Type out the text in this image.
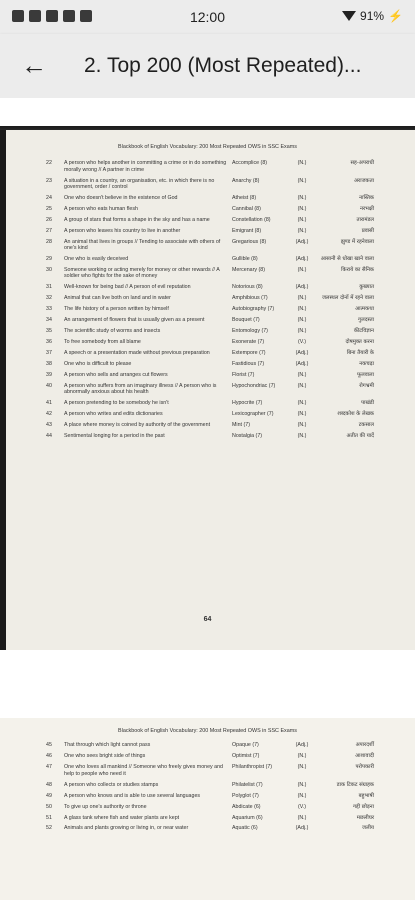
12:00	91% ⚡
← 2. Top 200 (Most Repeated)...
Blackbook of English Vocabulary: 200 Most Repeated OWS in SSC Exams
22	A person who helps another in committing a crime or in do something morally wrong // A partner in crime
Accomplice (8)	(N.)	सह-अपराधी
23	A situation in a country, an organisation, etc. in which there is no government, order / control
Anarchy (8)	(N.)	अराजकता
24	One who doesn't believe in the existence of God	Atheist (8)	(N.)	नास्तिक
25	A person who eats human flesh	Cannibal (8)	(N.)	नरभक्षी
26	A group of stars that forms a shape in the sky and has a name	Constellation (8)	(N.)	तारामंडल
27	A person who leaves his country to live in another	Emigrant (8)	(N.)	प्रवासी
28	An animal that lives in groups // Tending to associate with others of one's kind
Gregarious (8)	(Adj.)	झुण्ड में रहनेवाला
29	One who is easily deceived	Gullible (8)	(Adj.)	आसानी से धोखा खाने वाला
30	Someone working or acting merely for money or other rewards // A soldier who fights for the sake of money
Mercenary (8)	(N.)	किराये का सैनिक
31	Well-known for being bad // A person of evil reputation	Notorious (8)	(Adj.)	कुख्यात
32	Animal that can live both on land and in water	Amphibious (7)	(N.)	जलस्थल दोनों में रहने वाला
33	The life history of a person written by himself	Autobiography (7)	(N.)	आत्मकथा
34	An arrangement of flowers that is usually given as a present	Bouquet (7)	(N.)	गुलदस्ता
35	The scientific study of worms and insects	Entomology (7)	(N.)	कीटविज्ञान
36	To free somebody from all blame	Exonerate (7)	(V.)	दोषमुक्त करना
37	A speech or a presentation made without previous preparation	Extempore (7)	(Adj.)	बिना तैयारी के
38	One who is difficult to please	Fastidious (7)	(Adj.)	नकचढ़ा
39	A person who sells and arranges cut flowers	Florist (7)	(N.)	फूलवाला
40	A person who suffers from an imaginary illness // A person who is abnormally anxious about his health
Hypochondriac (7)	(N.)	रोगभ्रमी
41	A person pretending to be somebody he isn't	Hypocrite (7)	(N.)	पाखंडी
42	A person who writes and edits dictionaries	Lexicographer (7)	(N.)	शब्दकोश के लेखक
43	A place where money is coined by authority of the government	Mint (7)	(N.)	टकसाल
44	Sentimental longing for a period in the past	Nostalgia (7)	(N.)	अतीत की यादें
64
Blackbook of English Vocabulary: 200 Most Repeated OWS in SSC Exams
45	That through which light cannot pass	Opaque (7)	(Adj.)	अपारदर्शी
46	One who sees bright side of things	Optimist (7)	(N.)	आशावादी
47	One who loves all mankind // Someone who freely gives money and help to people who need it
Philanthropist (7)	(N.)	परोपकारी
48	A person who collects or studies stamps	Philatelist (7)	(N.)	डाक टिकट संग्राहक
49	A person who knows and is able to use several languages	Polyglot (7)	(N.)	बहुभाषी
50	To give up one's authority or throne	Abdicate (6)	(V.)	गद्दी छोड़ना
51	A glass tank where fish and water plants are kept	Aquarium (6)	(N.)	मछलीघर
52	Animals and plants growing or living in, or near water	Aquatic (6)	(Adj.)	जलीय
